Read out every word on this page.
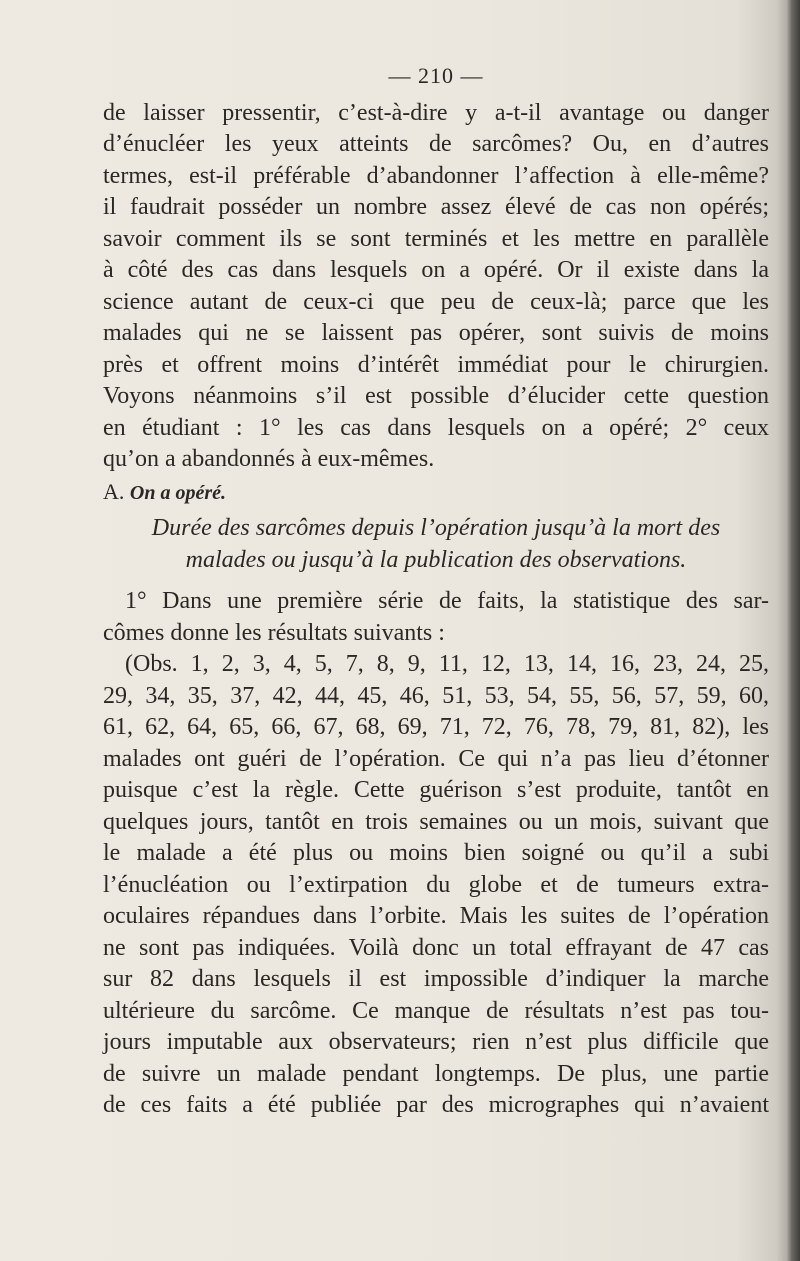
— 210 —

de laisser pressentir, c’est-à-dire y a-t-il avantage ou danger
d’énucléer les yeux atteints de sarcômes? Ou, en d’autres
termes, est-il préférable d’abandonner l’affection à elle-même?
il faudrait posséder un nombre assez élevé de cas non opérés;
savoir comment ils se sont terminés et les mettre en parallèle
à côté des cas dans lesquels on a opéré. Or il existe dans la
science autant de ceux-ci que peu de ceux-là; parce que les
malades qui ne se laissent pas opérer, sont suivis de moins
près et offrent moins d’intérêt immédiat pour le chirurgien.
Voyons néanmoins s’il est possible d’élucider cette question
en étudiant : 1° les cas dans lesquels on a opéré; 2° ceux
qu’on a abandonnés à eux-mêmes.

A. On a opéré.

Durée des sarcômes depuis l’opération jusqu’à la mort des
malades ou jusqu’à la publication des observations.

1° Dans une première série de faits, la statistique des sar-
cômes donne les résultats suivants :

(Obs. 1, 2, 3, 4, 5, 7, 8, 9, 11, 12, 13, 14, 16, 23, 24, 25,
29, 34, 35, 37, 42, 44, 45, 46, 51, 53, 54, 55, 56, 57, 59, 60,
61, 62, 64, 65, 66, 67, 68, 69, 71, 72, 76, 78, 79, 81, 82), les
malades ont guéri de l’opération. Ce qui n’a pas lieu d’étonner
puisque c’est la règle. Cette guérison s’est produite, tantôt en
quelques jours, tantôt en trois semaines ou un mois, suivant que
le malade a été plus ou moins bien soigné ou qu’il a subi
l’énucléation ou l’extirpation du globe et de tumeurs extra-
oculaires répandues dans l’orbite. Mais les suites de l’opération
ne sont pas indiquées. Voilà donc un total effrayant de 47 cas
sur 82 dans lesquels il est impossible d’indiquer la marche
ultérieure du sarcôme. Ce manque de résultats n’est pas tou-
jours imputable aux observateurs; rien n’est plus difficile que
de suivre un malade pendant longtemps. De plus, une partie
de ces faits a été publiée par des micrographes qui n’avaient
